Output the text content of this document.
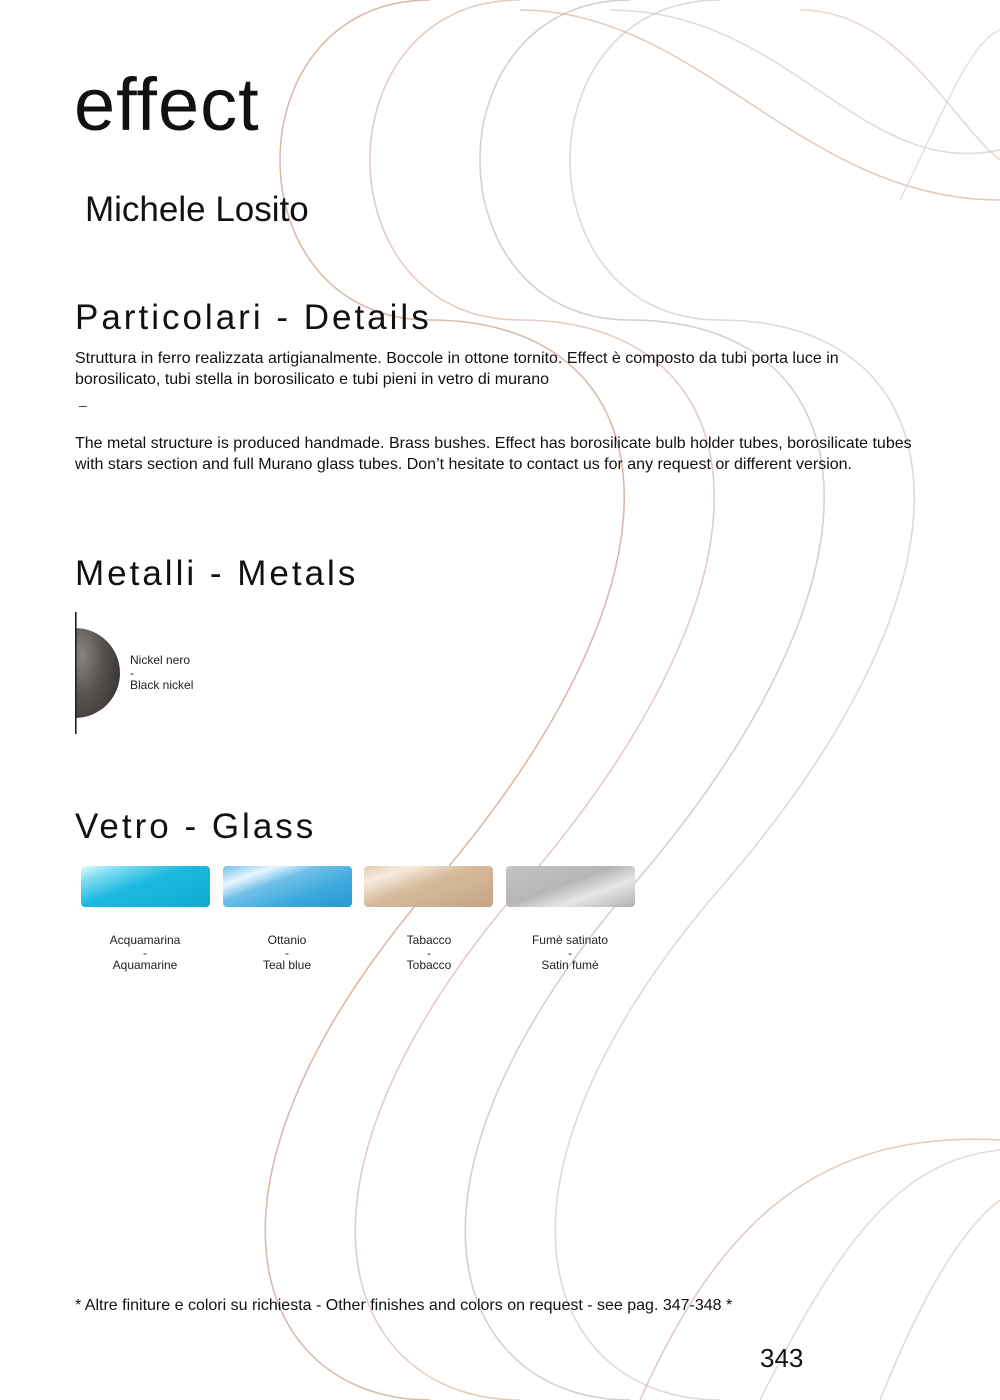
effect
Michele Losito
Particolari - Details

Struttura in ferro realizzata artigianalmente. Boccole in ottone tornito. Effect è composto da tubi porta luce in borosilicato, tubi stella in borosilicato e tubi pieni in vetro di murano

–

The metal structure is produced handmade. Brass bushes. Effect has borosilicate bulb holder tubes, borosilicate tubes with stars section and full Murano glass tubes. Don’t hesitate to contact us for any request or different version.

Metalli - Metals

Nickel nero

-

Black nickel

Vetro - Glass

Acquamarina

-

Aquamarine

Ottanio

-

Teal blue

Tabacco

-

Tobacco

Fumè satinato

-

Satin fumè

* Altre finiture e colori su richiesta - Other finishes and colors on request - see pag. 347-348 *

343
